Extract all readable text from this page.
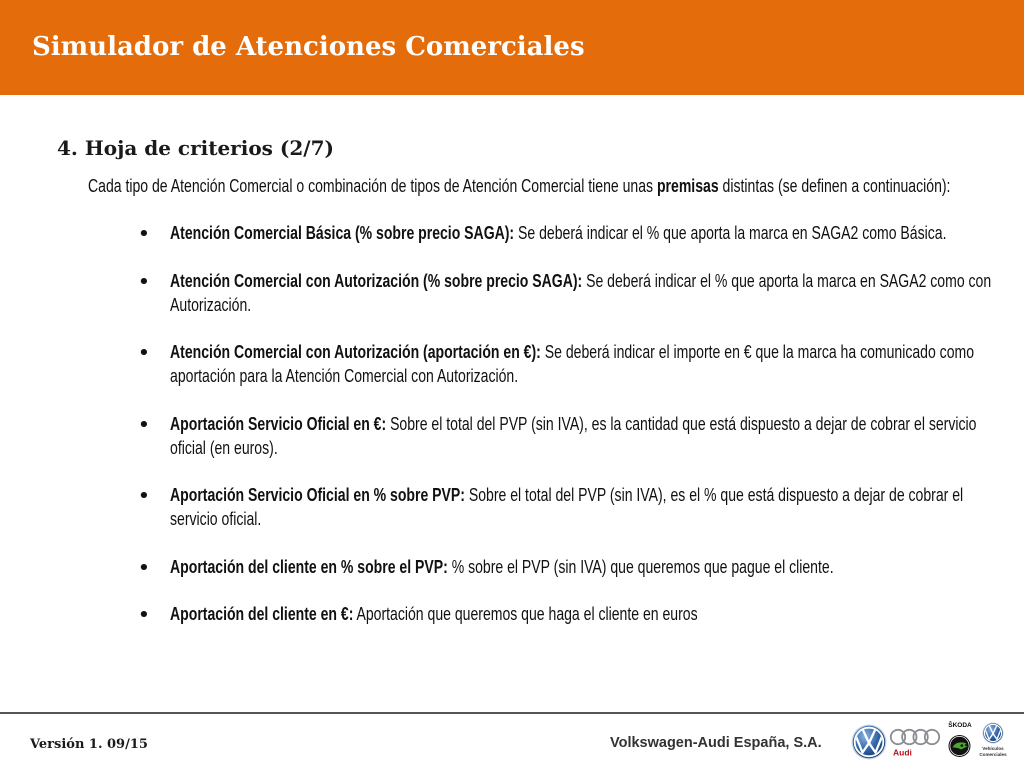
Simulador de Atenciones Comerciales
4. Hoja de criterios (2/7)

Cada tipo de Atención Comercial o combinación de tipos de Atención Comercial tiene unas premisas distintas (se definen a continuación):

Atención Comercial Básica (% sobre precio SAGA): Se deberá indicar el % que aporta la marca en SAGA2 como Básica.
Atención Comercial con Autorización (% sobre precio SAGA): Se deberá indicar el % que aporta la marca en SAGA2 como con Autorización.
Atención Comercial con Autorización (aportación en €): Se deberá indicar el importe en € que la marca ha comunicado como aportación para la Atención Comercial con Autorización.
Aportación Servicio Oficial en €: Sobre el total del PVP (sin IVA), es la cantidad que está dispuesto a dejar de cobrar el servicio oficial (en euros).
Aportación Servicio Oficial en % sobre PVP: Sobre el total del PVP (sin IVA), es el % que está dispuesto a dejar de cobrar el servicio oficial.
Aportación del cliente en % sobre el PVP: % sobre el PVP (sin IVA) que queremos que pague el cliente.
Aportación del cliente en €: Aportación que queremos que haga el cliente en euros
Versión 1. 09/15	Volkswagen-Audi España, S.A.
Audi
ŠKODA
Vehículos
Comerciales
